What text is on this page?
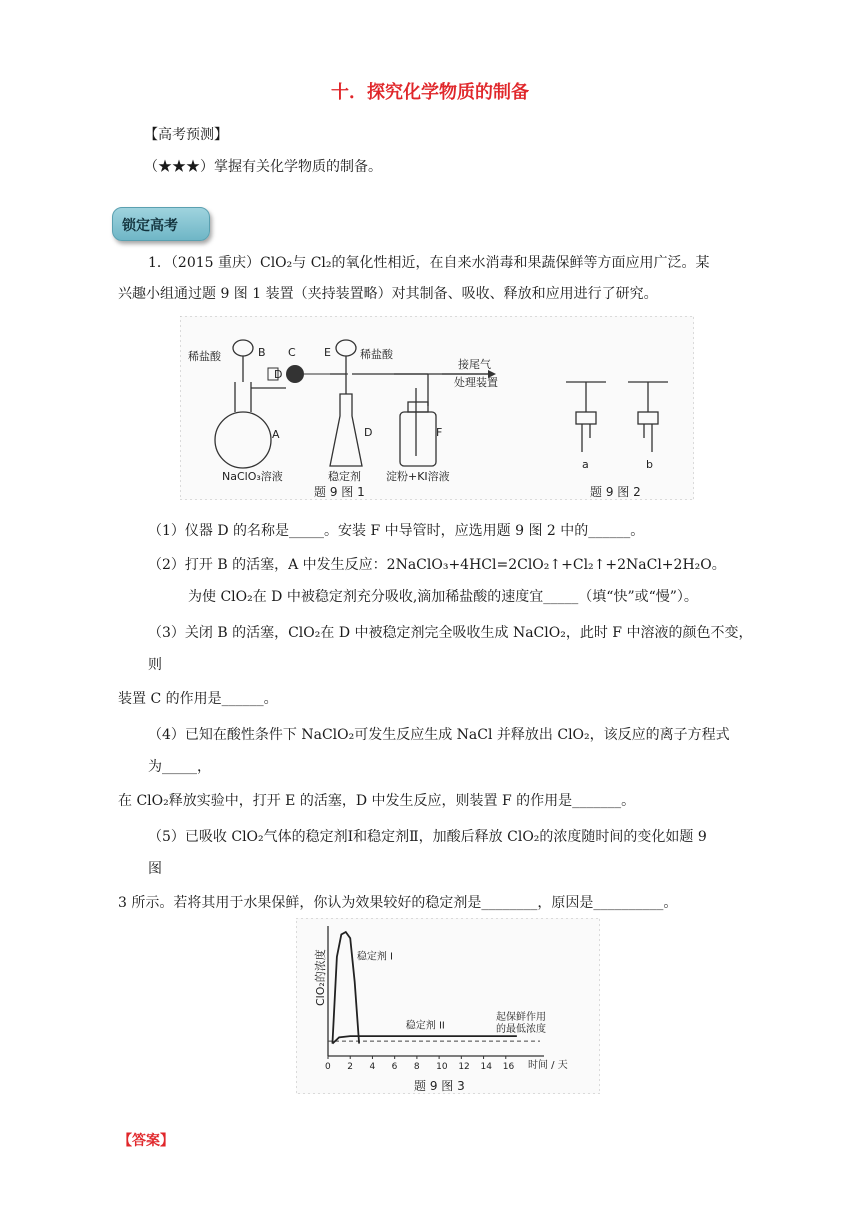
十．探究化学物质的制备
【高考预测】
（★★★）掌握有关化学物质的制备。
锁定高考
1．（2015 重庆）ClO₂与 Cl₂的氧化性相近，在自来水消毒和果蔬保鲜等方面应用广泛。某
兴趣小组通过题 9 图 1 装置（夹持装置略）对其制备、吸收、释放和应用进行了研究。
稀盐酸	B C
D
E	稀盐酸
接尾气
处理装置
A	D	F
NaClO₃溶液	稳定剂 淀粉+KI溶液
题 9 图 1
a	b
题 9 图 2
（1）仪器 D 的名称是_____。安装 F 中导管时，应选用题 9 图 2 中的______。
（2）打开 B 的活塞，A 中发生反应：2NaClO₃+4HCl=2ClO₂↑+Cl₂↑+2NaCl+2H₂O。
为使 ClO₂在 D 中被稳定剂充分吸收,滴加稀盐酸的速度宜_____（填“快”或“慢”）。
（3）关闭 B 的活塞，ClO₂在 D 中被稳定剂完全吸收生成 NaClO₂，此时 F 中溶液的颜色不变，
则
装置 C 的作用是______。
（4）已知在酸性条件下 NaClO₂可发生反应生成 NaCl 并释放出 ClO₂，该反应的离子方程式
为_____，
在 ClO₂释放实验中，打开 E 的活塞，D 中发生反应，则装置 F 的作用是_______。
（5）已吸收 ClO₂气体的稳定剂Ⅰ和稳定剂Ⅱ，加酸后释放 ClO₂的浓度随时间的变化如题 9
图
3 所示。若将其用于水果保鲜，你认为效果较好的稳定剂是________，原因是__________。
ClO₂的浓度
时间 / 天
题 9 图 3
起保鲜作用
的最低浓度
0 2 4 6 8 10 12 14 16
稳定剂 I
稳定剂 II
【答案】
